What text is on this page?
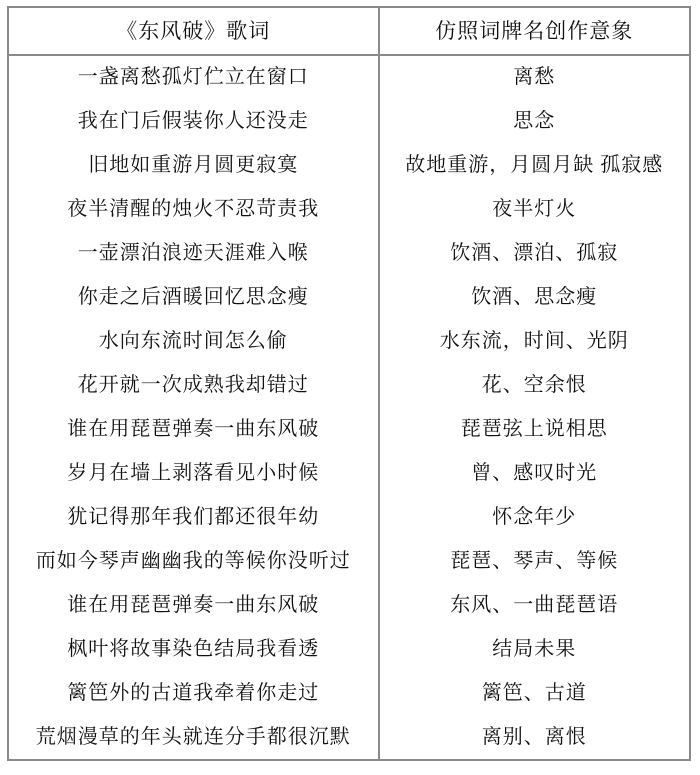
《东风破》歌词	仿照词牌名创作意象
一盏离愁孤灯伫立在窗口	离愁
我在门后假装你人还没走	思念
旧地如重游月圆更寂寞	故地重游，月圆月缺 孤寂感
夜半清醒的烛火不忍苛责我	夜半灯火
一壶漂泊浪迹天涯难入喉	饮酒、漂泊、孤寂
你走之后酒暖回忆思念瘦	饮酒、思念瘦
水向东流时间怎么偷	水东流，时间、光阴
花开就一次成熟我却错过	花、空余恨
谁在用琵琶弹奏一曲东风破	琵琶弦上说相思
岁月在墙上剥落看见小时候	曾、感叹时光
犹记得那年我们都还很年幼	怀念年少
而如今琴声幽幽我的等候你没听过	琵琶、琴声、等候
谁在用琵琶弹奏一曲东风破	东风、一曲琵琶语
枫叶将故事染色结局我看透	结局未果
篱笆外的古道我牵着你走过	篱笆、古道
荒烟漫草的年头就连分手都很沉默	离别、离恨
